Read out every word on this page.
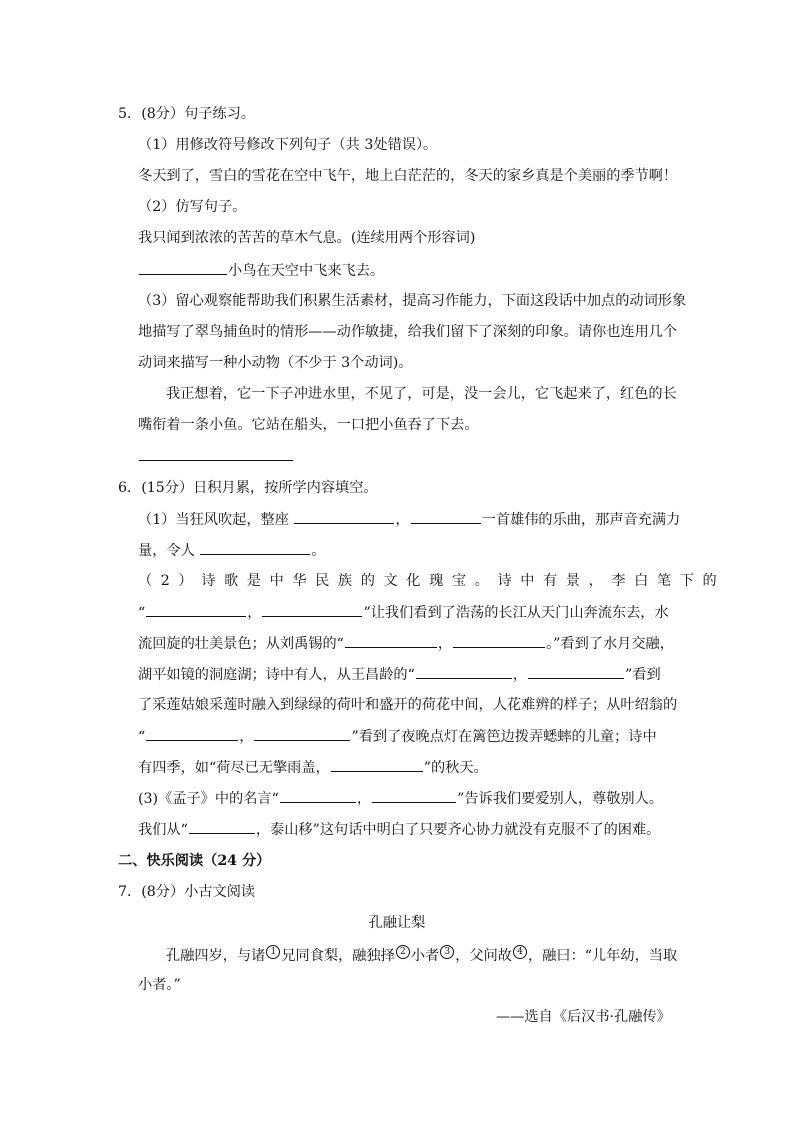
5．(8分）句子练习。
（1）用修改符号修改下列句子（共 3处错误）。
冬天到了，雪白的雪花在空中飞午，地上白茫茫的，冬天的家乡真是个美丽的季节啊！
（2）仿写句子。
我只闻到浓浓的苦苦的草木气息。(连续用两个形容词)
小鸟在天空中飞来飞去。
（3）留心观察能帮助我们积累生活素材，提高习作能力，下面这段话中加点的动词形象
地描写了翠鸟捕鱼时的情形——动作敏捷，给我们留下了深刻的印象。请你也连用几个
动词来描写一种小动物（不少于 3个动词)。
我正想着，它一下子冲进水里，不见了，可是，没一会儿，它飞起来了，红色的长
嘴衔着一条小鱼。它站在船头，一口把小鱼吞了下去。
6．(15分）日积月累，按所学内容填空。
（1）当狂风吹起，整座	，	一首雄伟的乐曲，那声音充满力
量，令人	。
（2）诗歌是中华民族的文化瑰宝。诗中有景，李白笔下的
“	，	”让我们看到了浩荡的长江从天门山奔流东去，水
流回旋的壮美景色；从刘禹锡的“	，	。”看到了水月交融，
湖平如镜的洞庭湖；诗中有人，从王昌龄的“	，	”看到
了采莲姑娘采莲时融入到绿绿的荷叶和盛开的荷花中间，人花难辨的样子；从叶绍翁的
“	，	”看到了夜晚点灯在篱笆边拨弄蟋蟀的儿童；诗中
有四季，如“荷尽已无擎雨盖，	”的秋天。
(3)《孟子》中的名言“	，	”告诉我们要爱别人，尊敬别人。
我们从“	，泰山移”这句话中明白了只要齐心协力就没有克服不了的困难。
二、快乐阅读（24 分）
7．(8分）小古文阅读
孔融让梨
孔融四岁，与诸 1 兄同食梨，融独择 2 小者 3 ，父问故 4 ，融曰：“儿年幼，当取
小者。”
——选自《后汉书·孔融传》
